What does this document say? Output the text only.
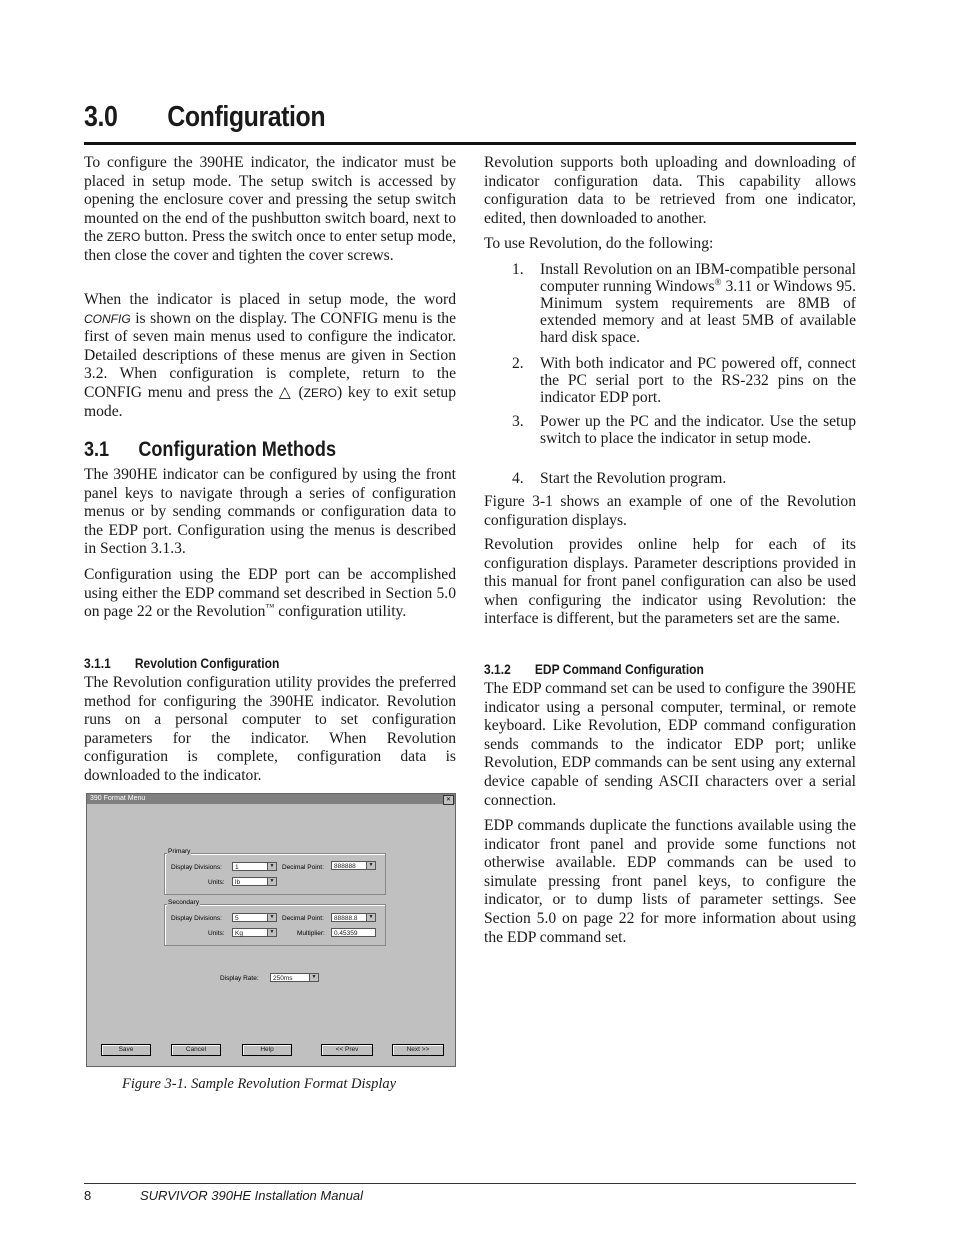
3.0 Configuration

To configure the 390HE indicator, the indicator must be placed in setup mode. The setup switch is accessed by opening the enclosure cover and pressing the setup switch mounted on the end of the pushbutton switch board, next to the ZERO button. Press the switch once to enter setup mode, then close the cover and tighten the cover screws.

When the indicator is placed in setup mode, the word CONFIG is shown on the display. The CONFIG menu is the first of seven main menus used to configure the indicator. Detailed descriptions of these menus are given in Section 3.2. When configuration is complete, return to the CONFIG menu and press the △ (ZERO) key to exit setup mode.

3.1 Configuration Methods

The 390HE indicator can be configured by using the front panel keys to navigate through a series of configuration menus or by sending commands or configuration data to the EDP port. Configuration using the menus is described in Section 3.1.3.

Configuration using the EDP port can be accomplished using either the EDP command set described in Section 5.0 on page 22 or the Revolution™ configuration utility.

3.1.1 Revolution Configuration

The Revolution configuration utility provides the preferred method for configuring the 390HE indicator. Revolution runs on a personal computer to set configuration parameters for the indicator. When Revolution configuration is complete, configuration data is downloaded to the indicator.

390 Format Menu	✕
Primary
Display Divisions:	1	▼ Decimal Point:	888888	▼
Units:	lb	▼
Secondary
Display Divisions:	5	▼ Decimal Point:	88888.8	▼
Units:	Kg	▼	Multiplier:	0.45359
Display Rate:	250ms	▼
Save	Cancel	Help	<< Prev	Next >>
Figure 3-1. Sample Revolution Format Display

Revolution supports both uploading and downloading of indicator configuration data. This capability allows configuration data to be retrieved from one indicator, edited, then downloaded to another.

To use Revolution, do the following:

1. Install Revolution on an IBM-compatible personal computer running Windows® 3.11 or Windows 95. Minimum system requirements are 8MB of extended memory and at least 5MB of available hard disk space.
2. With both indicator and PC powered off, connect the PC serial port to the RS-232 pins on the indicator EDP port.
3. Power up the PC and the indicator. Use the setup switch to place the indicator in setup mode.
4. Start the Revolution program.

Figure 3-1 shows an example of one of the Revolution configuration displays.

Revolution provides online help for each of its configuration displays. Parameter descriptions provided in this manual for front panel configuration can also be used when configuring the indicator using Revolution: the interface is different, but the parameters set are the same.

3.1.2 EDP Command Configuration

The EDP command set can be used to configure the 390HE indicator using a personal computer, terminal, or remote keyboard. Like Revolution, EDP command configuration sends commands to the indicator EDP port; unlike Revolution, EDP commands can be sent using any external device capable of sending ASCII characters over a serial connection.

EDP commands duplicate the functions available using the indicator front panel and provide some functions not otherwise available. EDP commands can be used to simulate pressing front panel keys, to configure the indicator, or to dump lists of parameter settings. See Section 5.0 on page 22 for more information about using the EDP command set.

8	SURVIVOR 390HE Installation Manual
